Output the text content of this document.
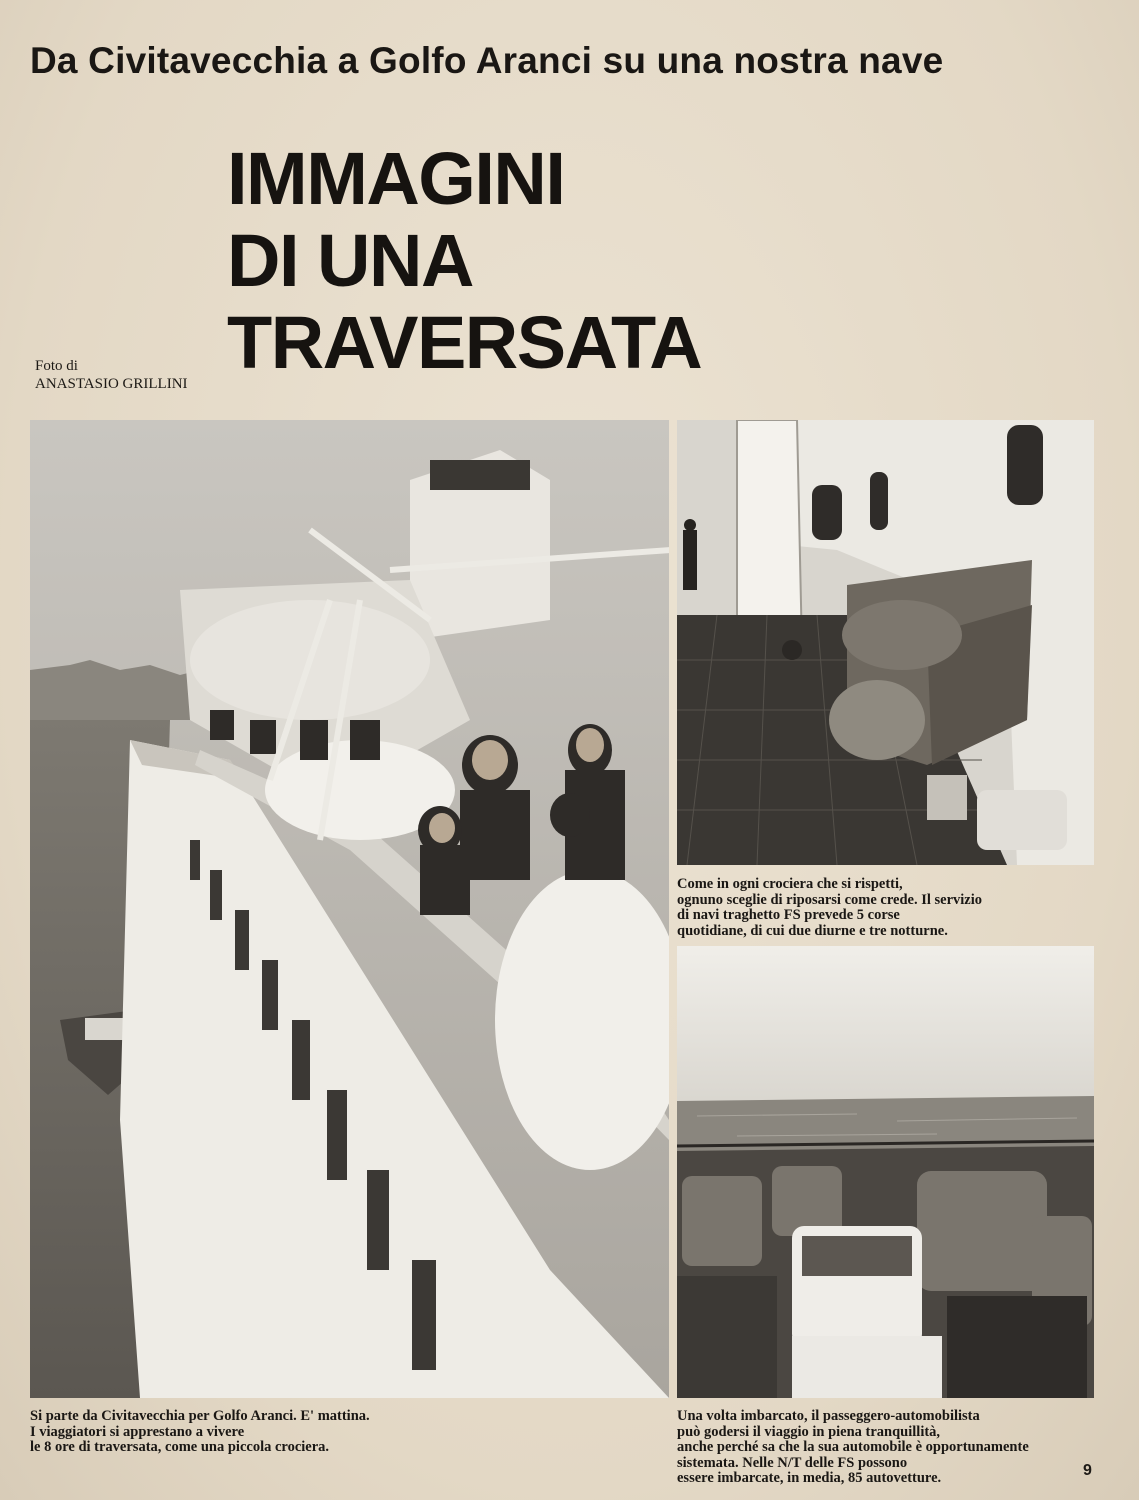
Da Civitavecchia a Golfo Aranci su una nostra nave
IMMAGINI
DI UNA
TRAVERSATA
Foto di
ANASTASIO GRILLINI
Come in ogni crociera che si rispetti,
ognuno sceglie di riposarsi come crede. Il servizio
di navi traghetto FS prevede 5 corse
quotidiane, di cui due diurne e tre notturne.
Una volta imbarcato, il passeggero-automobilista
può godersi il viaggio in piena tranquillità,
anche perché sa che la sua automobile è opportunamente
sistemata. Nelle N/T delle FS possono
essere imbarcate, in media, 85 autovetture.
Si parte da Civitavecchia per Golfo Aranci. E' mattina.
I viaggiatori si apprestano a vivere
le 8 ore di traversata, come una piccola crociera.
9
